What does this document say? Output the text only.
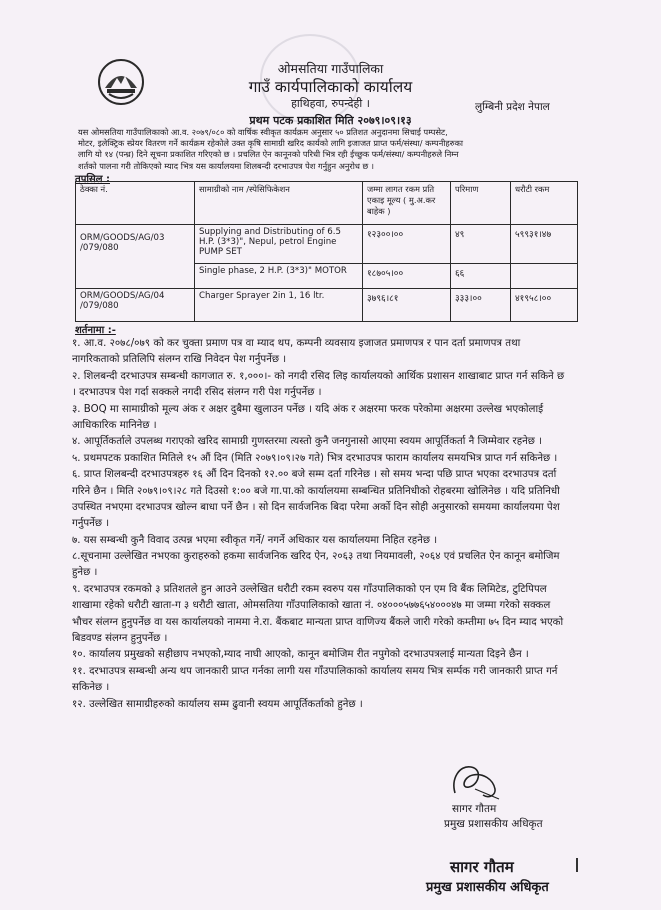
ओमसतिया गाउँपालिका
गाउँ कार्यपालिकाको कार्यालय
हाथिहवा, रुपन्देही ।	लुम्बिनी प्रदेश नेपाल
प्रथम पटक प्रकाशित मिति २०७९।०९।१३
यस ओमसतिया गाउँपालिकाको आ.व. २०७९/०८० को वार्षिक स्वीकृत कार्यक्रम अनुसार ५० प्रतिशत अनुदानमा सिचाई पम्पसेट,
मोटर, इलेक्ट्रिक स्प्रेयर वितरण गर्ने कार्यक्रम रहेकोले उक्त कृषि सामाग्री खरिद कार्यको लागि इजाजत प्राप्त फर्म/संस्था/ कम्पनीहरुका
लागि यो १४ (पन्ध्र) दिने सूचना प्रकाशित गरिएको छ । प्रचलित ऐन कानूनको परिधी भित्र रही ईच्छुक फर्म/संस्था/ कम्पनीहरुले निम्न
शर्तको पालना गरी तोकिएको म्याद भित्र यस कार्यालयमा शिलबन्दी दरभाउपत्र पेश गर्नुहुन अनुरोध छ ।
तपसिल :
ठेक्का नं.	सामाग्रीको नाम /स्पेसिफिकेशन	जम्मा लागत रकम प्रति एकाइ मूल्य ( मु.अ.कर बाहेक )	परिमाण	धरौटी रकम
ORM/GOODS/AG/03 /079/080	Supplying and Distributing of 6.5 H.P. (3*3)", Nepul, petrol Engine PUMP SET	१२३००।००	४९	५९९३१।४७
	Single phase, 2 H.P. (3*3)" MOTOR	१८७०५।००	६६	
ORM/GOODS/AG/04 /079/080	Charger Sprayer 2in 1, 16 ltr.	३७९६।८१	३३३।००	४१९५८।००
शर्तनामा :-
१. आ.व. २०७८/०७९ को कर चुक्ता प्रमाण पत्र वा म्याद थप, कम्पनी व्यवसाय इजाजत प्रमाणपत्र र पान दर्ता प्रमाणपत्र तथा नागरिकताको प्रतिलिपि संलग्न राखि निवेदन पेश गर्नुपर्नेछ ।
२. शिलबन्दी दरभाउपत्र सम्बन्धी कागजात रु. १,०००।- को नगदी रसिद लिइ कार्यालयको आर्थिक प्रशासन शाखाबाट प्राप्त गर्न सकिने छ । दरभाउपत्र पेश गर्दा सक्कले नगदी रसिद संलग्न गरी पेश गर्नुपर्नेछ ।
३. BOQ मा सामाग्रीको मूल्य अंक र अक्षर दुबैमा खुलाउन पर्नेछ । यदि अंक र अक्षरमा फरक परेकोमा अक्षरमा उल्लेख भएकोलाई आधिकारिक मानिनेछ ।
४. आपूर्तिकर्ताले उपलब्ध गराएको खरिद सामाग्री गुणस्तरमा त्यस्तो कुनै जनगुनासो आएमा स्वयम आपूर्तिकर्ता नै जिम्मेवार रहनेछ ।
५. प्रथमपटक प्रकाशित मितिले १५ औं दिन (मिति २०७९।०९।२७ गते) भित्र दरभाउपत्र फाराम कार्यालय समयभित्र प्राप्त गर्न सकिनेछ ।
६. प्राप्त शिलबन्दी दरभाउपत्रहरु १६ औं दिन दिनको १२.०० बजे सम्म दर्ता गरिनेछ । सो समय भन्दा पछि प्राप्त भएका दरभाउपत्र दर्ता गरिने छैन । मिति २०७९।०९।२८ गते दिउसो १:०० बजे गा.पा.को कार्यालयमा सम्बन्धित प्रतिनिधीको रोहबरमा खोलिनेछ । यदि प्रतिनिधी उपस्थित नभएमा दरभाउपत्र खोल्न बाधा पर्ने छैन । सो दिन सार्वजनिक बिदा परेमा अर्को दिन सोही अनुसारको समयमा कार्यालयमा पेश गर्नुपर्नेछ ।
७. यस सम्बन्धी कुनै विवाद उत्पन्न भएमा स्वीकृत गर्ने/ नगर्ने अधिकार यस कार्यालयमा निहित रहनेछ ।
८.सूचनामा उल्लेखित नभएका कुराहरुको हकमा सार्वजनिक खरिद ऐन, २०६३ तथा नियमावली, २०६४ एवं प्रचलित ऐन कानून बमोजिम हुनेछ ।
९. दरभाउपत्र रकमको ३ प्रतिशतले हुन आउने उल्लेखित धरौटी रकम स्वरुप यस गाँउपालिकाको एन एम वि बैंक लिमिटेड, टुटिपिपल शाखामा रहेको धरौटी खाता-ग ३ धरौटी खाता, ओमसतिया गाँउपालिकाको खाता नं. ०४०००५७७६५४०००४७ मा जम्मा गरेको सक्कल भौचर संलग्न हुनुपर्नेछ वा यस कार्यालयको नाममा ने.रा. बैंकबाट मान्यता प्राप्त वाणिज्य बैंकले जारी गरेको कम्तीमा ७५ दिन म्याद भएको बिडवण्ड संलग्न हुनुपर्नेछ ।
१०. कार्यालय प्रमुखको सहीछाप नभएको,म्याद नाघी आएको, कानून बमोजिम रीत नपुगेको दरभाउपत्रलाई मान्यता दिइने छैन ।
११. दरभाउपत्र सम्बन्धी अन्य थप जानकारी प्राप्त गर्नका लागी यस गाँउपालिकाको कार्यालय समय भित्र सर्म्पक गरी जानकारी प्राप्त गर्न सकिनेछ ।
१२. उल्लेखित सामाग्रीहरुको कार्यालय सम्म ढुवानी स्वयम आपूर्तिकर्ताको हुनेछ ।
सागर गौतम
प्रमुख प्रशासकीय अधिकृत
सागर गौतम
प्रमुख प्रशासकीय अधिकृत
